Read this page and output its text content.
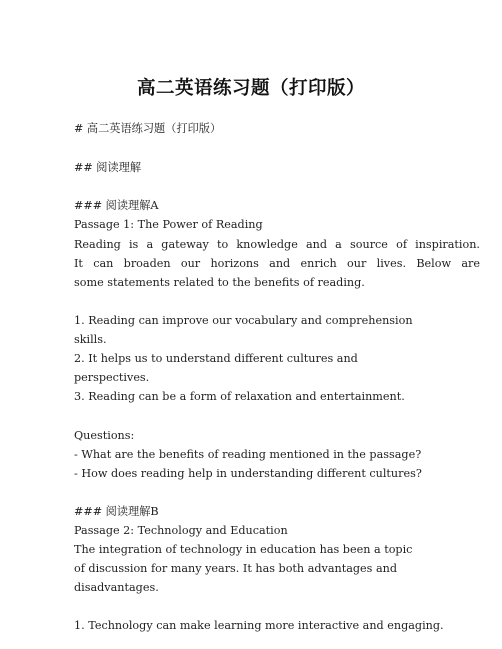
高二英语练习题（打印版）
# 高二英语练习题（打印版）
## 阅读理解
### 阅读理解A
Passage 1: The Power of Reading
Reading is a gateway to knowledge and a source of inspiration.
It can broaden our horizons and enrich our lives. Below are
some statements related to the benefits of reading.
1. Reading can improve our vocabulary and comprehension
skills.
2. It helps us to understand different cultures and
perspectives.
3. Reading can be a form of relaxation and entertainment.
Questions:
- What are the benefits of reading mentioned in the passage?
- How does reading help in understanding different cultures?
### 阅读理解B
Passage 2: Technology and Education
The integration of technology in education has been a topic
of discussion for many years. It has both advantages and
disadvantages.
1. Technology can make learning more interactive and engaging.
